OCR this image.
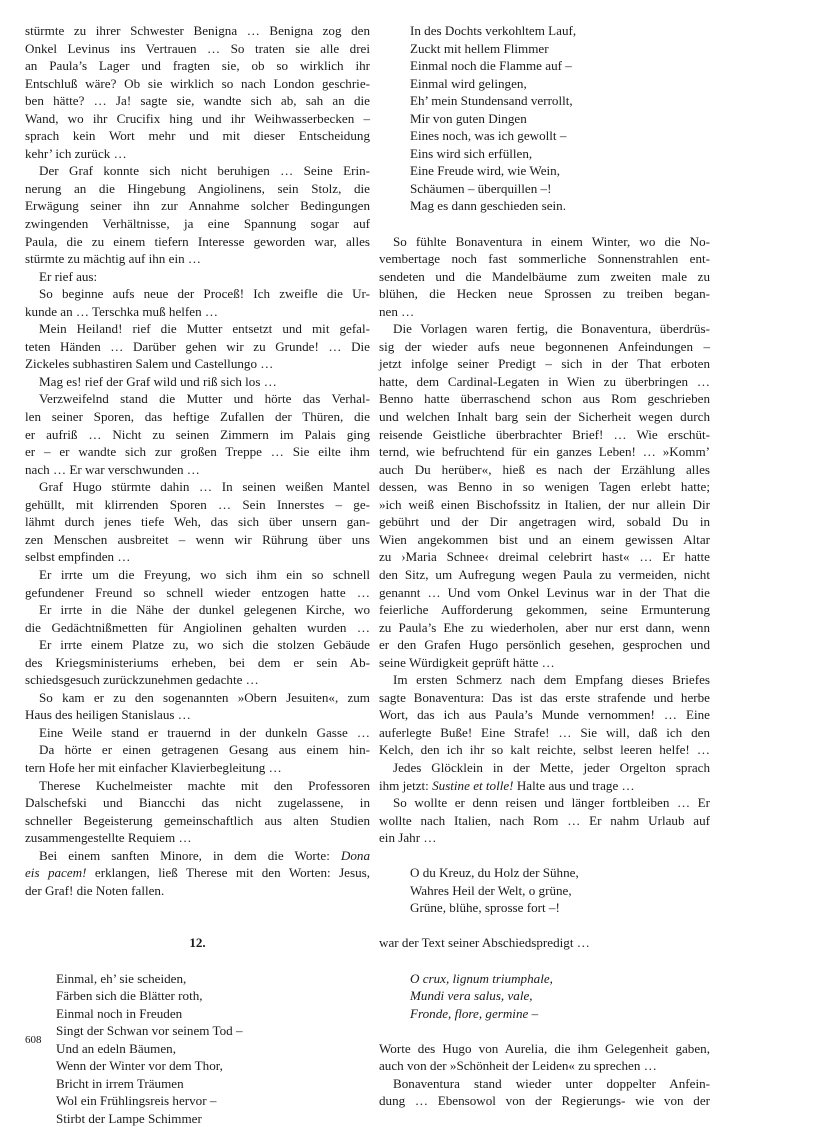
stürmte zu ihrer Schwester Benigna … Benigna zog den
Onkel Levinus ins Vertrauen … So traten sie alle drei
an Paula’s Lager und fragten sie, ob so wirklich ihr
Entschluß wäre? Ob sie wirklich so nach London geschrie-
ben hätte? … Ja! sagte sie, wandte sich ab, sah an die
Wand, wo ihr Crucifix hing und ihr Weihwasserbecken –
sprach kein Wort mehr und mit dieser Entscheidung
kehr’ ich zurück …
Der Graf konnte sich nicht beruhigen … Seine Erin-
nerung an die Hingebung Angiolinens, sein Stolz, die
Erwägung seiner ihn zur Annahme solcher Bedingungen
zwingenden Verhältnisse, ja eine Spannung sogar auf
Paula, die zu einem tiefern Interesse geworden war, alles
stürmte zu mächtig auf ihn ein …
Er rief aus:
So beginne aufs neue der Proceß! Ich zweifle die Ur-
kunde an … Terschka muß helfen …
Mein Heiland! rief die Mutter entsetzt und mit gefal-
teten Händen … Darüber gehen wir zu Grunde! … Die
Zickeles subhastiren Salem und Castellungo …
Mag es! rief der Graf wild und riß sich los …
Verzweifelnd stand die Mutter und hörte das Verhal-
len seiner Sporen, das heftige Zufallen der Thüren, die
er aufriß … Nicht zu seinen Zimmern im Palais ging
er – er wandte sich zur großen Treppe … Sie eilte ihm
nach … Er war verschwunden …
Graf Hugo stürmte dahin … In seinen weißen Mantel
gehüllt, mit klirrenden Sporen … Sein Innerstes – ge-
lähmt durch jenes tiefe Weh, das sich über unsern gan-
zen Menschen ausbreitet – wenn wir Rührung über uns
selbst empfinden …
Er irrte um die Freyung, wo sich ihm ein so schnell
gefundener Freund so schnell wieder entzogen hatte …
Er irrte in die Nähe der dunkel gelegenen Kirche, wo
die Gedächtnißmetten für Angiolinen gehalten wurden …
Er irrte einem Platze zu, wo sich die stolzen Gebäude
des Kriegsministeriums erheben, bei dem er sein Ab-
schiedsgesuch zurückzunehmen gedachte …
So kam er zu den sogenannten »Obern Jesuiten«, zum
Haus des heiligen Stanislaus …
Eine Weile stand er trauernd in der dunkeln Gasse …
Da hörte er einen getragenen Gesang aus einem hin-
tern Hofe her mit einfacher Klavierbegleitung …
Therese Kuchelmeister machte mit den Professoren
Dalschefski und Biancchi das nicht zugelassene, in
schneller Begeisterung gemeinschaftlich aus alten Studien
zusammengestellte Requiem …
Bei einem sanften Minore, in dem die Worte: Dona
eis pacem! erklangen, ließ Therese mit den Worten: Jesus,
der Graf! die Noten fallen.
12.
Einmal, eh’ sie scheiden,
Färben sich die Blätter roth,
Einmal noch in Freuden
Singt der Schwan vor seinem Tod –
Und an edeln Bäumen,
Wenn der Winter vor dem Thor,
Bricht in irrem Träumen
Wol ein Frühlingsreis hervor –
Stirbt der Lampe Schimmer
In des Dochts verkohltem Lauf,
Zuckt mit hellem Flimmer
Einmal noch die Flamme auf –
Einmal wird gelingen,
Eh’ mein Stundensand verrollt,
Mir von guten Dingen
Eines noch, was ich gewollt –
Eins wird sich erfüllen,
Eine Freude wird, wie Wein,
Schäumen – überquillen –!
Mag es dann geschieden sein.
So fühlte Bonaventura in einem Winter, wo die No-
vembertage noch fast sommerliche Sonnenstrahlen ent-
sendeten und die Mandelbäume zum zweiten male zu
blühen, die Hecken neue Sprossen zu treiben began-
nen …
Die Vorlagen waren fertig, die Bonaventura, überdrüs-
sig der wieder aufs neue begonnenen Anfeindungen –
jetzt infolge seiner Predigt – sich in der That erboten
hatte, dem Cardinal-Legaten in Wien zu überbringen …
Benno hatte überraschend schon aus Rom geschrieben
und welchen Inhalt barg sein der Sicherheit wegen durch
reisende Geistliche überbrachter Brief! … Wie erschüt-
ternd, wie befruchtend für ein ganzes Leben! … »Komm’
auch Du herüber«, hieß es nach der Erzählung alles
dessen, was Benno in so wenigen Tagen erlebt hatte;
»ich weiß einen Bischofssitz in Italien, der nur allein Dir
gebührt und der Dir angetragen wird, sobald Du in
Wien angekommen bist und an einem gewissen Altar
zu ›Maria Schnee‹ dreimal celebrirt hast« … Er hatte
den Sitz, um Aufregung wegen Paula zu vermeiden, nicht
genannt … Und vom Onkel Levinus war in der That die
feierliche Aufforderung gekommen, seine Ermunterung
zu Paula’s Ehe zu wiederholen, aber nur erst dann, wenn
er den Grafen Hugo persönlich gesehen, gesprochen und
seine Würdigkeit geprüft hätte …
Im ersten Schmerz nach dem Empfang dieses Briefes
sagte Bonaventura: Das ist das erste strafende und herbe
Wort, das ich aus Paula’s Munde vernommen! … Eine
auferlegte Buße! Eine Strafe! … Sie will, daß ich den
Kelch, den ich ihr so kalt reichte, selbst leeren helfe! …
Jedes Glöcklein in der Mette, jeder Orgelton sprach
ihm jetzt: Sustine et tolle! Halte aus und trage …
So wollte er denn reisen und länger fortbleiben … Er
wollte nach Italien, nach Rom … Er nahm Urlaub auf
ein Jahr …
O du Kreuz, du Holz der Sühne,
Wahres Heil der Welt, o grüne,
Grüne, blühe, sprosse fort –!
war der Text seiner Abschiedspredigt …
O crux, lignum triumphale,
Mundi vera salus, vale,
Fronde, flore, germine –
Worte des Hugo von Aurelia, die ihm Gelegenheit gaben,
auch von der »Schönheit der Leiden« zu sprechen …
Bonaventura stand wieder unter doppelter Anfein-
dung … Ebensowol von der Regierungs- wie von der
608
